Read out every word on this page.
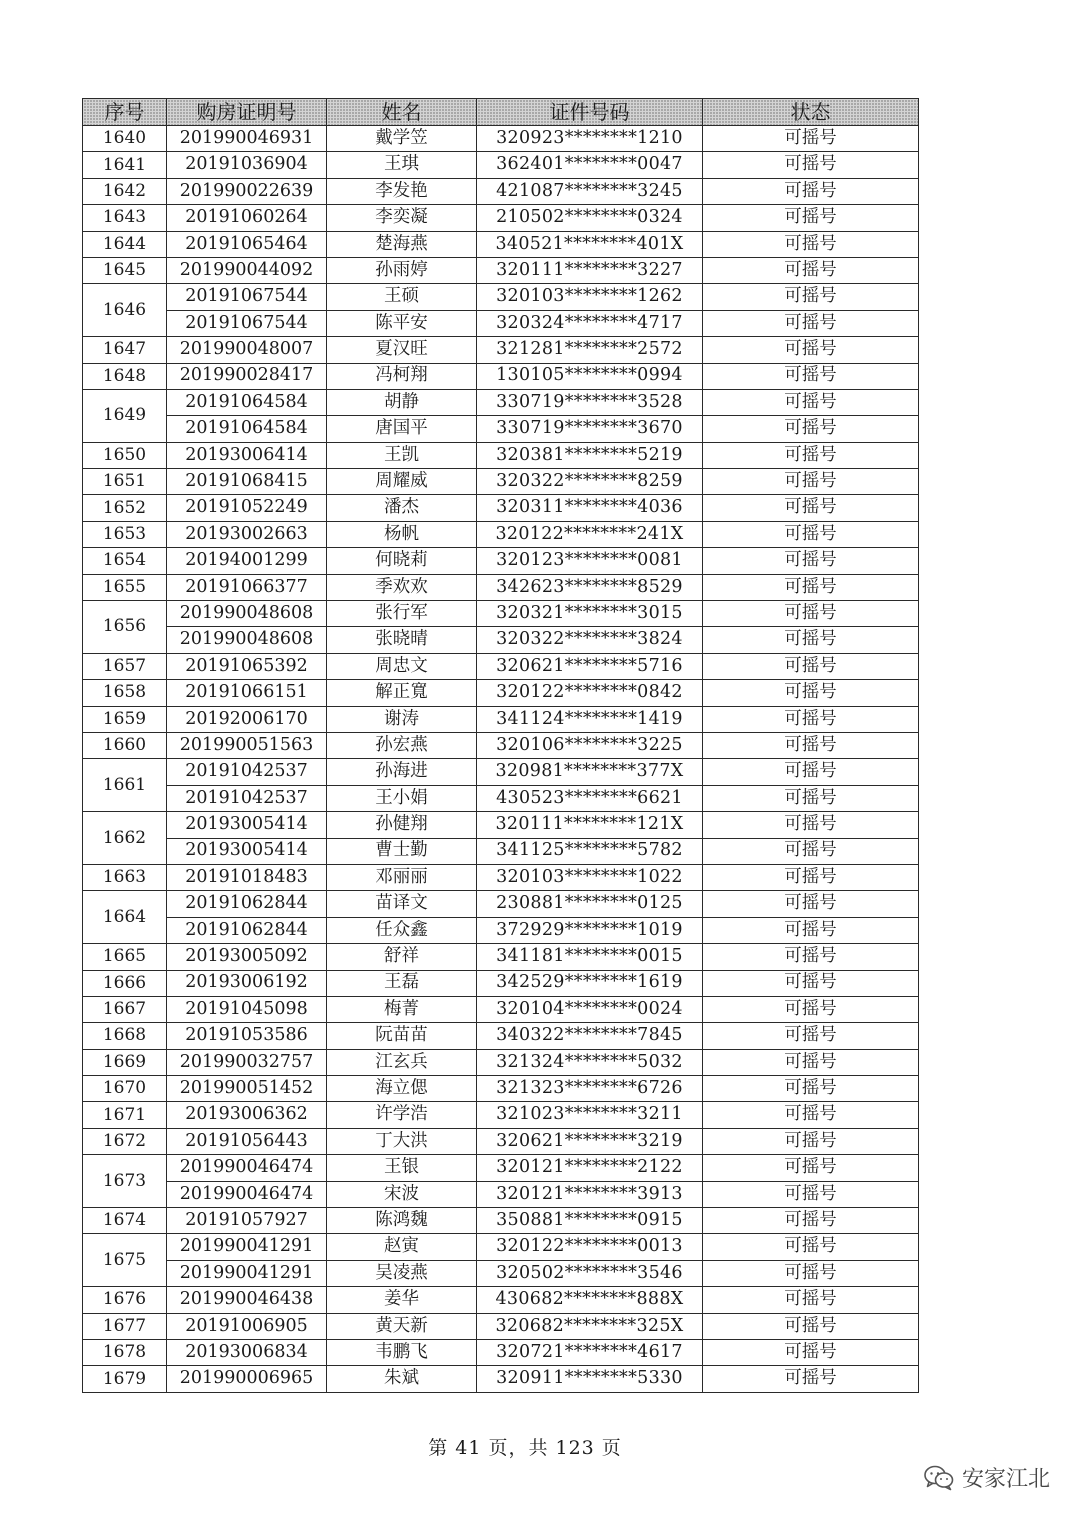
序号	购房证明号	姓名	证件号码	状态
1640	201990046931	戴学笠	320923********1210	可摇号
1641	20191036904	王琪	362401********0047	可摇号
1642	201990022639	李发艳	421087********3245	可摇号
1643	20191060264	李奕凝	210502********0324	可摇号
1644	20191065464	楚海燕	340521********401X	可摇号
1645	201990044092	孙雨婷	320111********3227	可摇号
1646	20191067544	王硕	320103********1262	可摇号
	20191067544	陈平安	320324********4717	可摇号
1647	201990048007	夏汉旺	321281********2572	可摇号
1648	201990028417	冯柯翔	130105********0994	可摇号
1649	20191064584	胡静	330719********3528	可摇号
	20191064584	唐国平	330719********3670	可摇号
1650	20193006414	王凯	320381********5219	可摇号
1651	20191068415	周耀威	320322********8259	可摇号
1652	20191052249	潘杰	320311********4036	可摇号
1653	20193002663	杨帆	320122********241X	可摇号
1654	20194001299	何晓莉	320123********0081	可摇号
1655	20191066377	季欢欢	342623********8529	可摇号
1656	201990048608	张行军	320321********3015	可摇号
	201990048608	张晓晴	320322********3824	可摇号
1657	20191065392	周忠文	320621********5716	可摇号
1658	20191066151	解正寬	320122********0842	可摇号
1659	20192006170	谢涛	341124********1419	可摇号
1660	201990051563	孙宏燕	320106********3225	可摇号
1661	20191042537	孙海进	320981********377X	可摇号
	20191042537	王小娟	430523********6621	可摇号
1662	20193005414	孙健翔	320111********121X	可摇号
	20193005414	曹士勤	341125********5782	可摇号
1663	20191018483	邓丽丽	320103********1022	可摇号
1664	20191062844	苗译文	230881********0125	可摇号
	20191062844	任众鑫	372929********1019	可摇号
1665	20193005092	舒祥	341181********0015	可摇号
1666	20193006192	王磊	342529********1619	可摇号
1667	20191045098	梅菁	320104********0024	可摇号
1668	20191053586	阮苗苗	340322********7845	可摇号
1669	201990032757	江玄兵	321324********5032	可摇号
1670	201990051452	海立偲	321323********6726	可摇号
1671	20193006362	许学浩	321023********3211	可摇号
1672	20191056443	丁大洪	320621********3219	可摇号
1673	201990046474	王银	320121********2122	可摇号
	201990046474	宋波	320121********3913	可摇号
1674	20191057927	陈鸿魏	350881********0915	可摇号
1675	201990041291	赵寅	320122********0013	可摇号
	201990041291	吴凌燕	320502********3546	可摇号
1676	201990046438	姜华	430682********888X	可摇号
1677	20191006905	黄天新	320682********325X	可摇号
1678	20193006834	韦鹏飞	320721********4617	可摇号
1679	201990006965	朱斌	320911********5330	可摇号
第 41 页，共 123 页
安家江北
